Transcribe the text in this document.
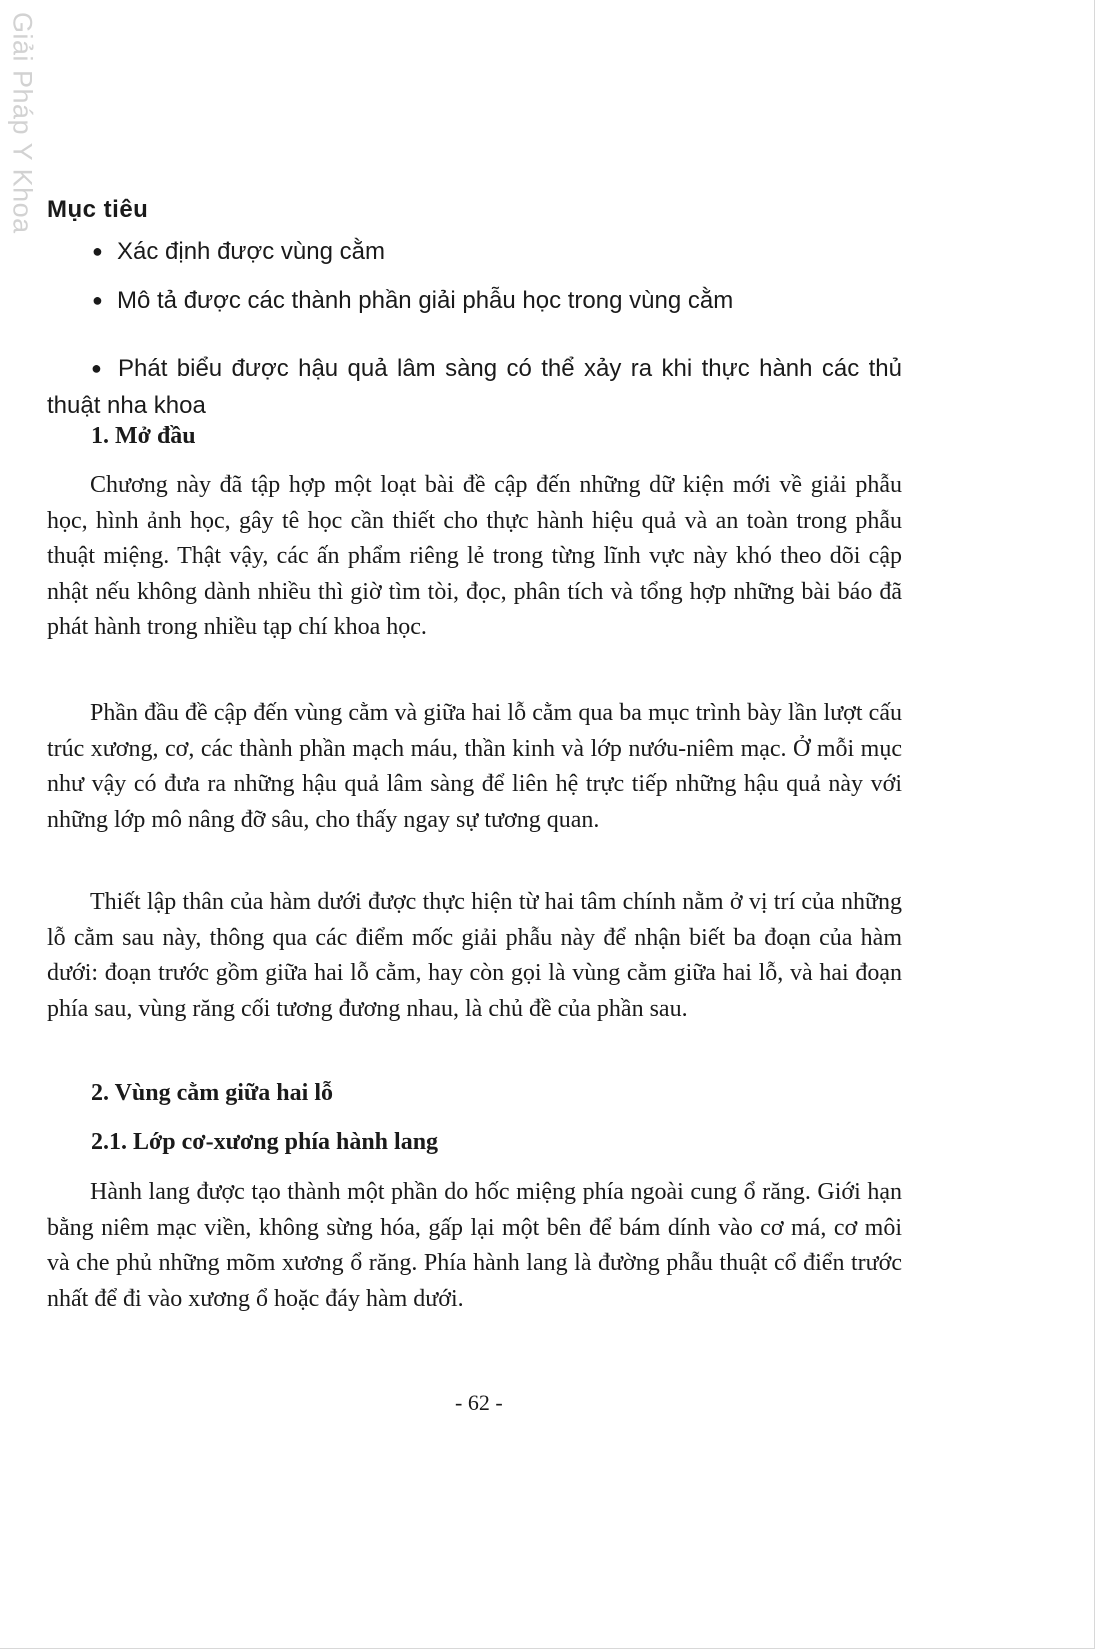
Giải Pháp Y Khoa Mục tiêu
● Xác định được vùng cằm
● Mô tả được các thành phần giải phẫu học trong vùng cằm
● Phát biểu được hậu quả lâm sàng có thể xảy ra khi thực hành các thủ thuật nha khoa
1. Mở đầu

Chương này đã tập hợp một loạt bài đề cập đến những dữ kiện mới về giải phẫu học, hình ảnh học, gây tê học cần thiết cho thực hành hiệu quả và an toàn trong phẫu thuật miệng. Thật vậy, các ấn phẩm riêng lẻ trong từng lĩnh vực này khó theo dõi cập nhật nếu không dành nhiều thì giờ tìm tòi, đọc, phân tích và tổng hợp những bài báo đã phát hành trong nhiều tạp chí khoa học.

Phần đầu đề cập đến vùng cằm và giữa hai lỗ cằm qua ba mục trình bày lần lượt cấu trúc xương, cơ, các thành phần mạch máu, thần kinh và lớp nướu-niêm mạc. Ở mỗi mục như vậy có đưa ra những hậu quả lâm sàng để liên hệ trực tiếp những hậu quả này với những lớp mô nâng đỡ sâu, cho thấy ngay sự tương quan.

Thiết lập thân của hàm dưới được thực hiện từ hai tâm chính nằm ở vị trí của những lỗ cằm sau này, thông qua các điểm mốc giải phẫu này để nhận biết ba đoạn của hàm dưới: đoạn trước gồm giữa hai lỗ cằm, hay còn gọi là vùng cằm giữa hai lỗ, và hai đoạn phía sau, vùng răng cối tương đương nhau, là chủ đề của phần sau.

2. Vùng cằm giữa hai lỗ
2.1. Lớp cơ-xương phía hành lang

Hành lang được tạo thành một phần do hốc miệng phía ngoài cung ổ răng. Giới hạn bằng niêm mạc viền, không sừng hóa, gấp lại một bên để bám dính vào cơ má, cơ môi và che phủ những mõm xương ổ răng. Phía hành lang là đường phẫu thuật cổ điển trước nhất để đi vào xương ổ hoặc đáy hàm dưới.

- 62 -
